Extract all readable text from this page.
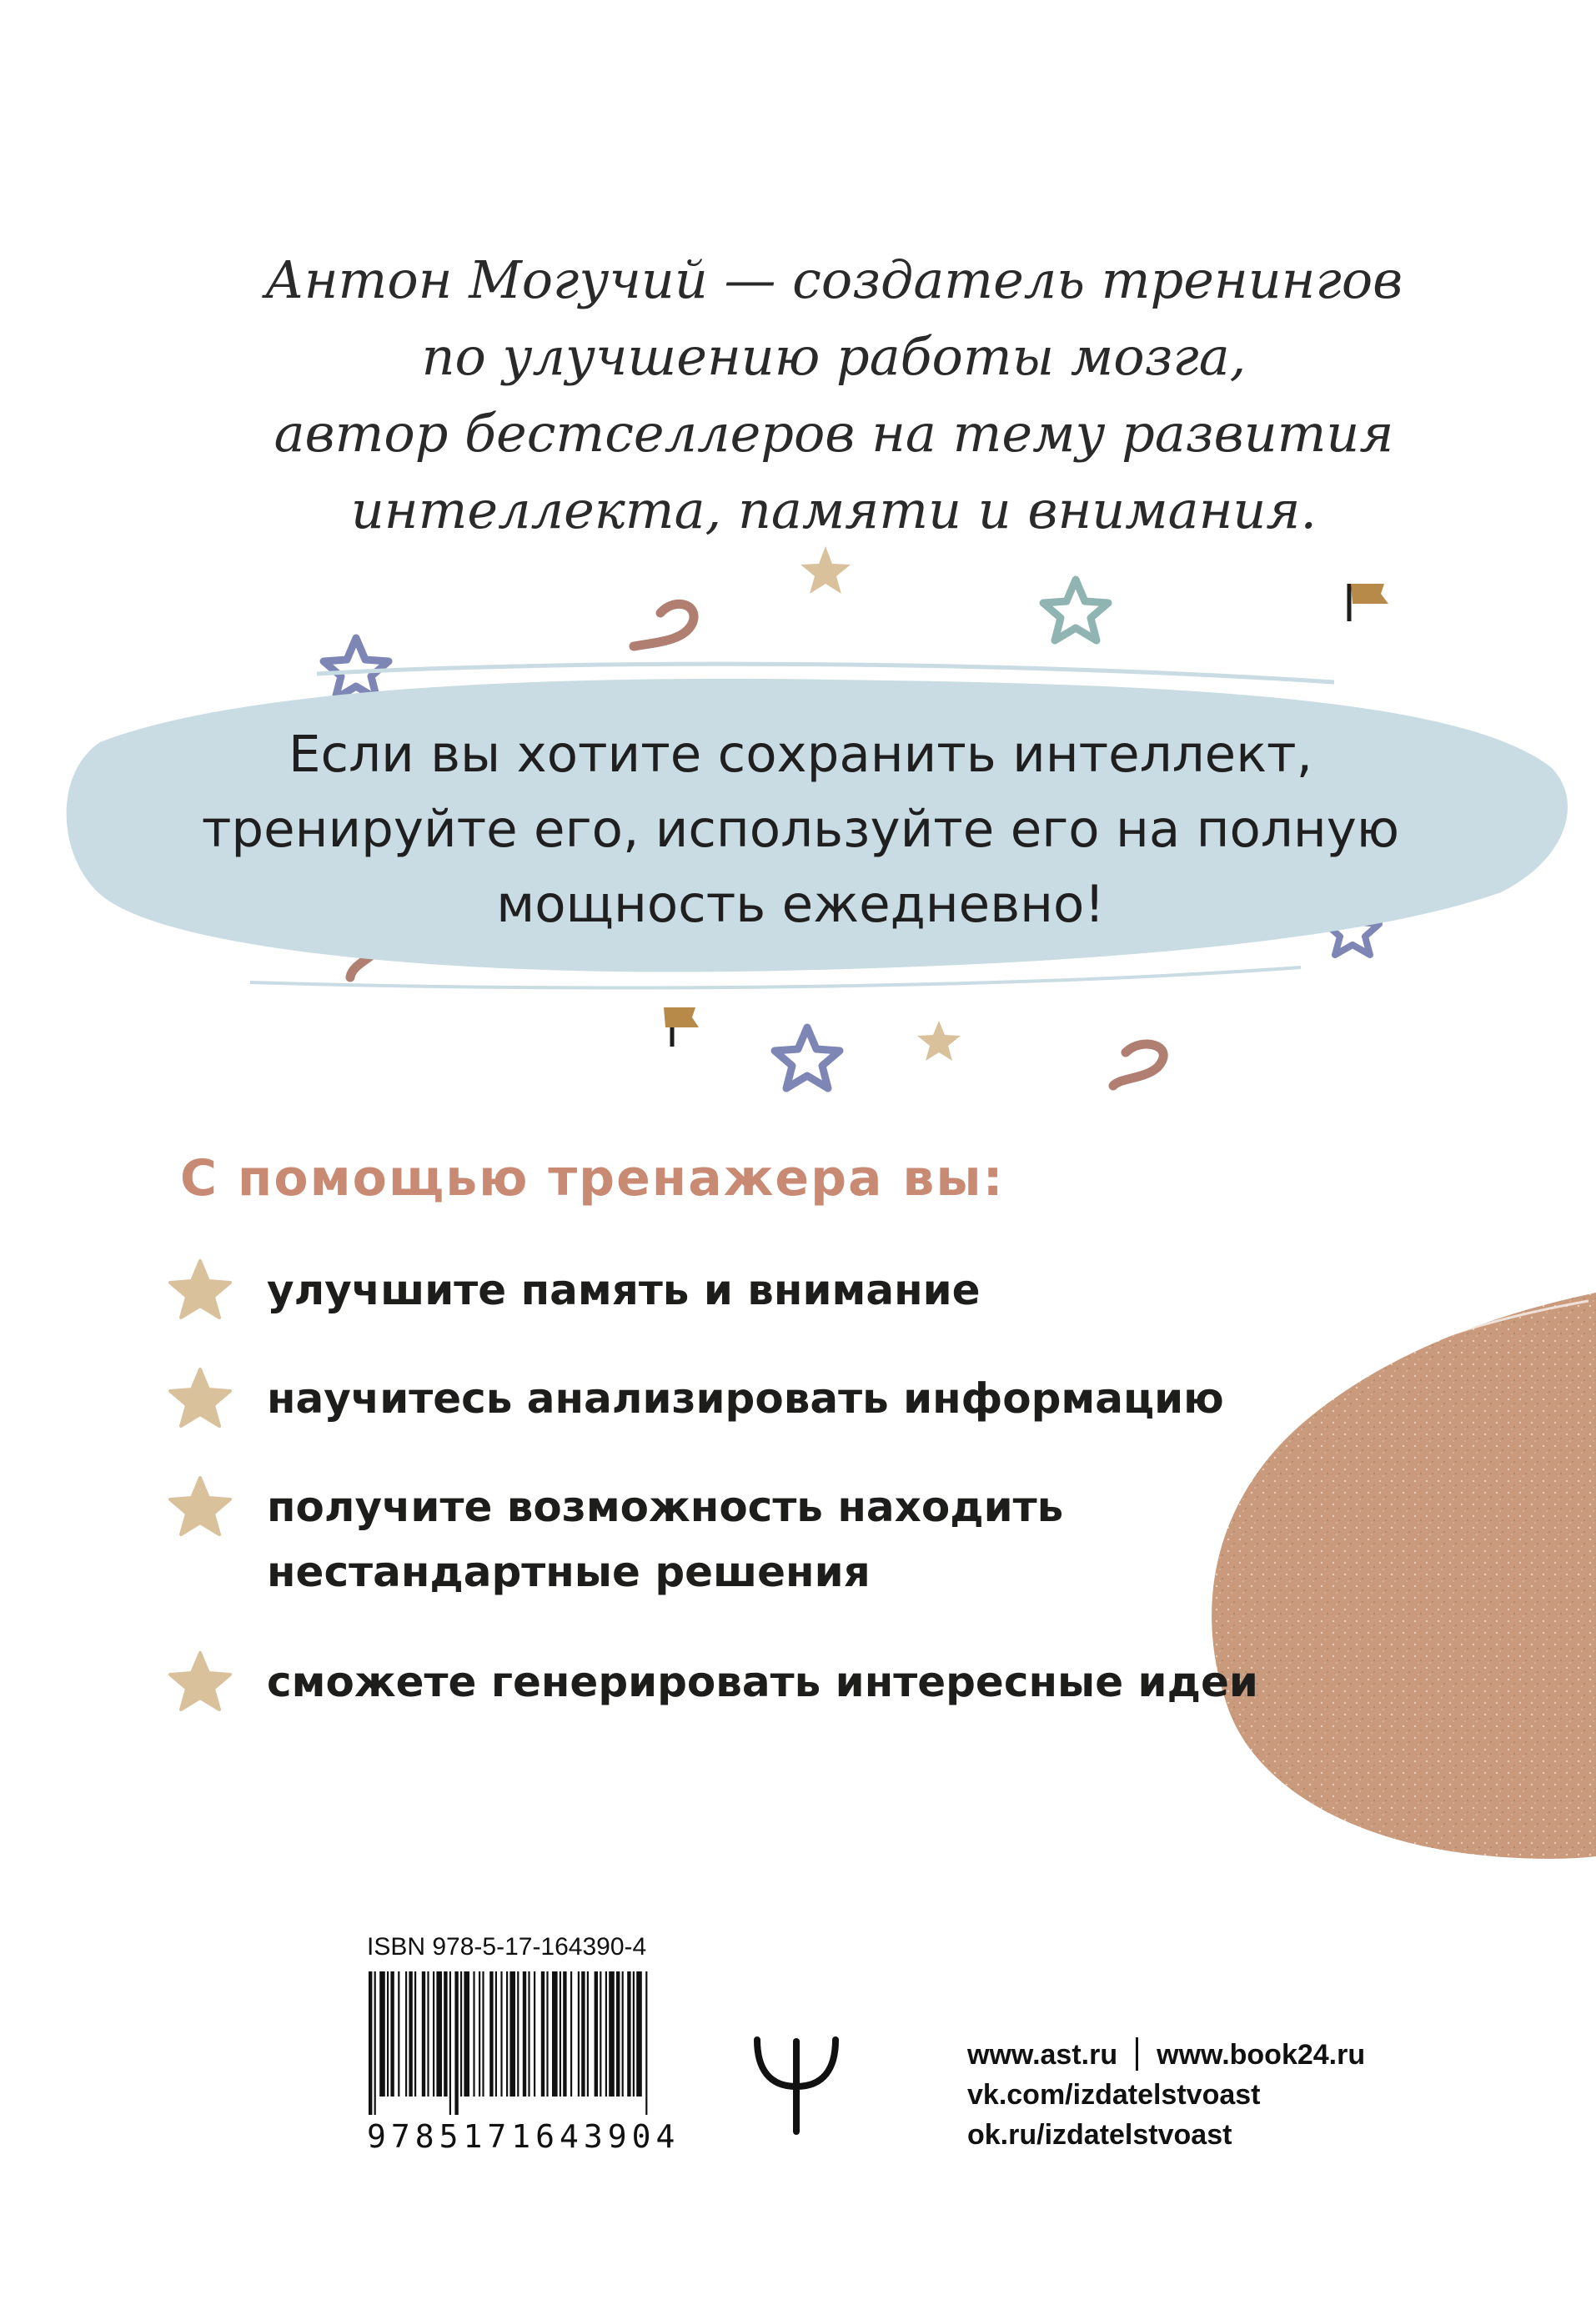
Антон Могучий — создатель тренингов
по улучшению работы мозга,
автор бестселлеров на тему развития
интеллекта, памяти и внимания.
Если вы хотите сохранить интеллект,
тренируйте его, используйте его на полную
мощность ежедневно!
С помощью тренажера вы:
улучшите память и внимание
научитесь анализировать информацию
получите возможность находить
нестандартные решения
сможете генерировать интересные идеи
ISBN 978-5-17-164390-4
9785171643904
www.ast.ru www.book24.ru
vk.com/izdatelstvoast
ok.ru/izdatelstvoast
